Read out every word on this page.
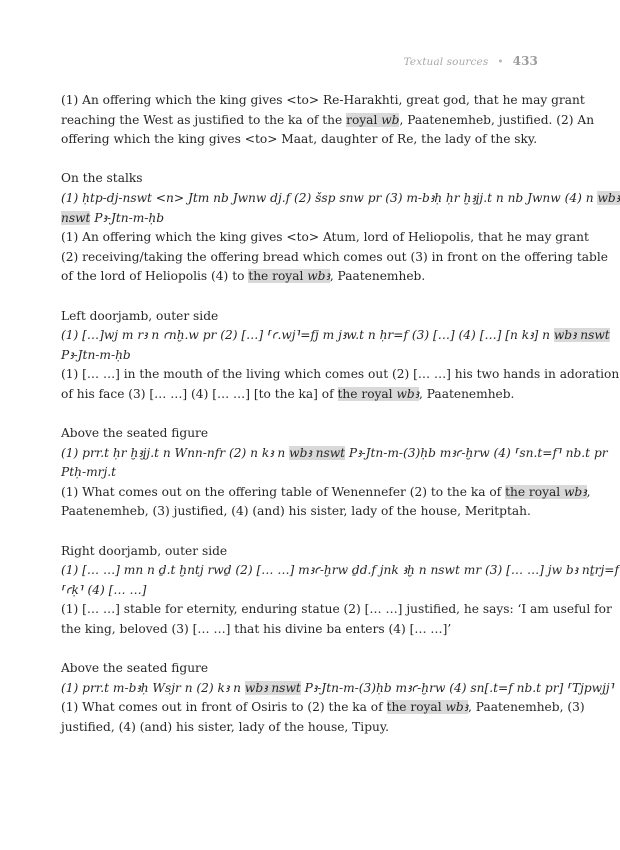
Textual sources • 433
(1) An offering which the king gives <to> Re-Harakhti, great god, that he may grant
reaching the West as justified to the ka of the royal wb, Paatenemheb, justified. (2) An
offering which the king gives <to> Maat, daughter of Re, the lady of the sky.
On the stalks
(1) ḥtp-dj-nswt <n> Jtm nb Jwnw dj.f (2) šsp snw pr (3) m-bꜣḥ ḥr ḫꜣjj.t n nb Jwnw (4) n wbꜣ
nswt Pꜣ-Jtn-m-ḥb
(1) An offering which the king gives <to> Atum, lord of Heliopolis, that he may grant
(2) receiving/taking the offering bread which comes out (3) in front on the offering table
of the lord of Heliopolis (4) to the royal wbꜣ, Paatenemheb.
Left doorjamb, outer side
(1) […]wj m rꜣ n ꜥnḫ.w pr (2) […] ⸢ꜥ.wj⸣=fj m jꜣw.t n ḥr=f (3) […] (4) […] [n kꜣ] n wbꜣ nswt
Pꜣ-Jtn-m-ḥb
(1) [… …] in the mouth of the living which comes out (2) [… …] his two hands in adoration
of his face (3) [… …] (4) [… …] [to the ka] of the royal wbꜣ, Paatenemheb.
Above the seated figure
(1) prr.t ḥr ḫꜣjj.t n Wnn-nfr (2) n kꜣ n wbꜣ nswt Pꜣ-Jtn-m-(3)ḥb mꜣꜥ-ḫrw (4) ⸢sn.t=f⸣ nb.t pr
Ptḥ-mrj.t
(1) What comes out on the offering table of Wenennefer (2) to the ka of the royal wbꜣ,
Paatenemheb, (3) justified, (4) (and) his sister, lady of the house, Meritptah.
Right doorjamb, outer side
(1) [… …] mn n ḏ.t ḫntj rwḏ (2) [… …] mꜣꜥ-ḫrw ḏd.f jnk ꜣḫ n nswt mr (3) [… …] jw bꜣ nṯrj=f
⸢ꜥḳ⸣ (4) [… …]
(1) [… …] stable for eternity, enduring statue (2) [… …] justified, he says: ‘I am useful for
the king, beloved (3) [… …] that his divine ba enters (4) [… …]’
Above the seated figure
(1) prr.t m-bꜣḥ Wsjr n (2) kꜣ n wbꜣ nswt Pꜣ-Jtn-m-(3)ḥb mꜣꜥ-ḫrw (4) sn[.t=f nb.t pr] ⸢Tjpwjj⸣
(1) What comes out in front of Osiris to (2) the ka of the royal wbꜣ, Paatenemheb, (3)
justified, (4) (and) his sister, lady of the house, Tipuy.
